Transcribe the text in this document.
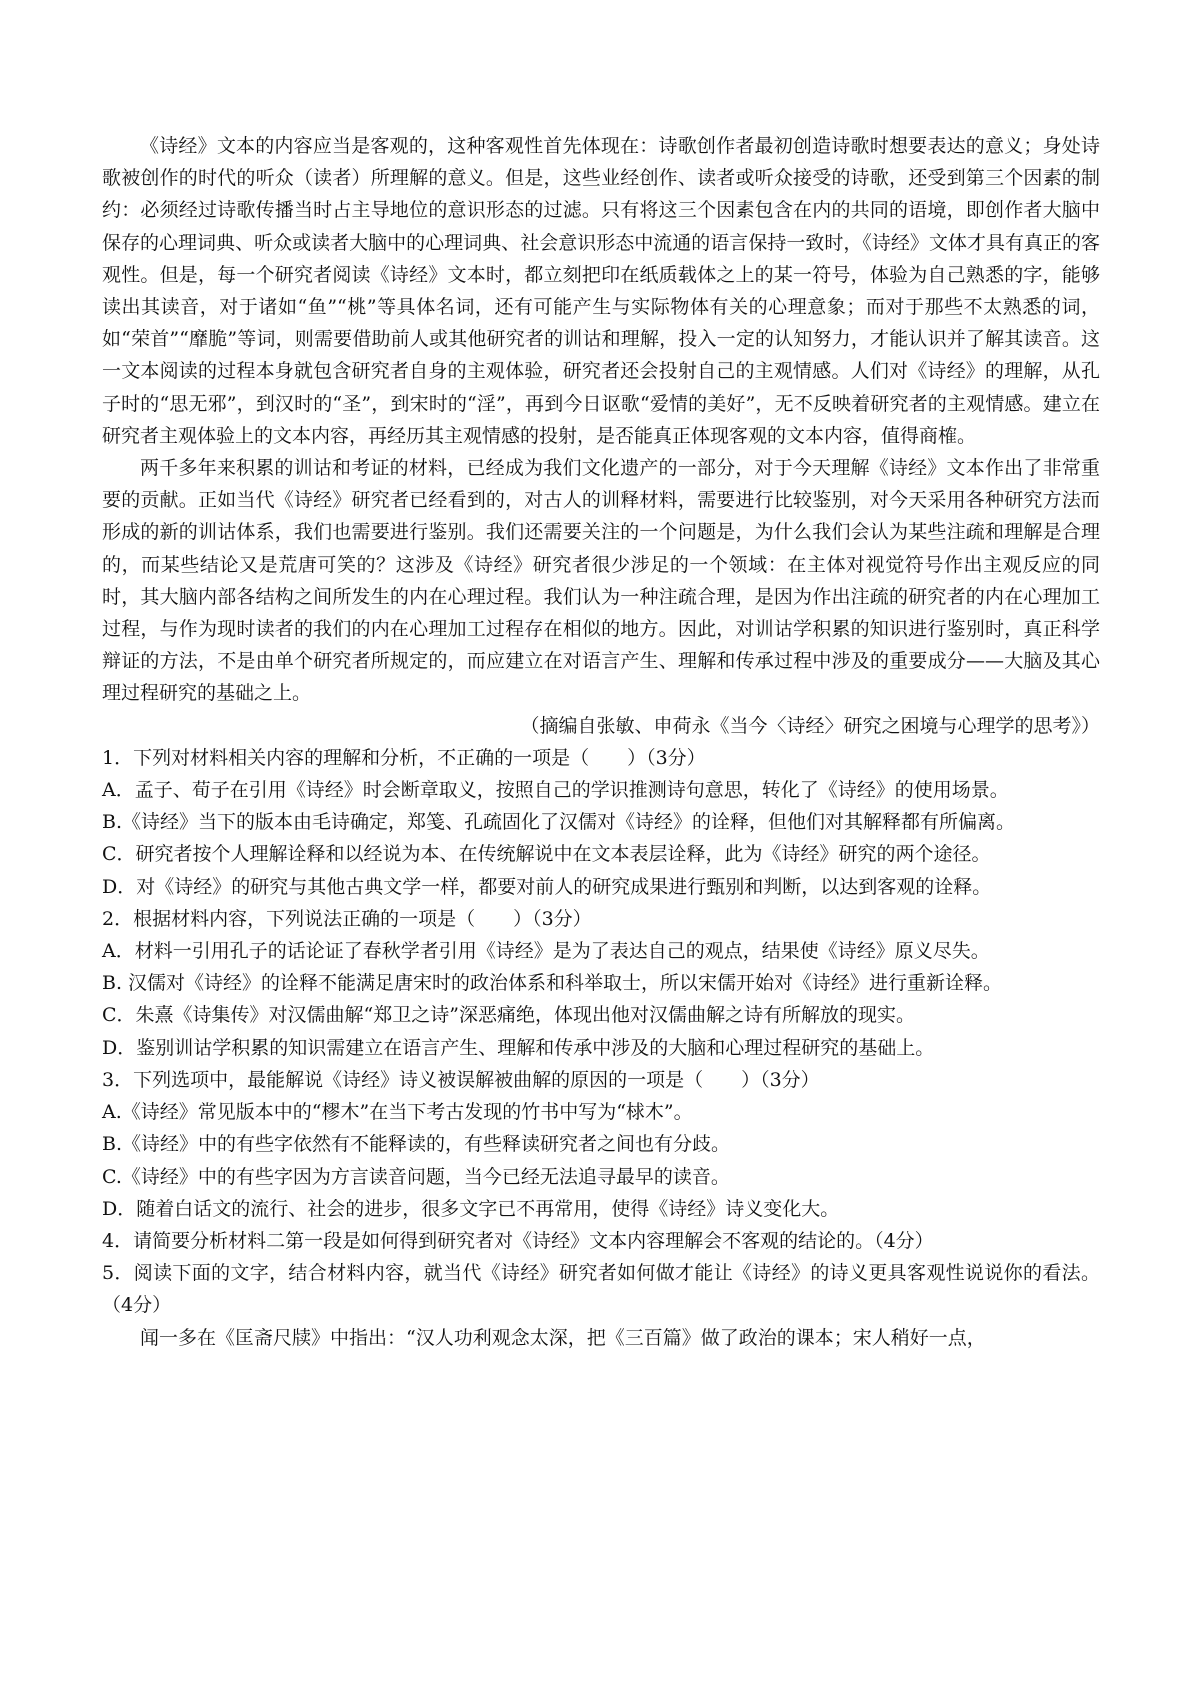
《诗经》文本的内容应当是客观的，这种客观性首先体现在：诗歌创作者最初创造诗歌时想要表达的意义；身处诗歌被创作的时代的听众（读者）所理解的意义。但是，这些业经创作、读者或听众接受的诗歌，还受到第三个因素的制约：必须经过诗歌传播当时占主导地位的意识形态的过滤。只有将这三个因素包含在内的共同的语境，即创作者大脑中保存的心理词典、听众或读者大脑中的心理词典、社会意识形态中流通的语言保持一致时，《诗经》文体才具有真正的客观性。但是，每一个研究者阅读《诗经》文本时，都立刻把印在纸质载体之上的某一符号，体验为自己熟悉的字，能够读出其读音，对于诸如“鱼”“桃”等具体名词，还有可能产生与实际物体有关的心理意象；而对于那些不太熟悉的词，如“荣首”“靡脆”等词，则需要借助前人或其他研究者的训诂和理解，投入一定的认知努力，才能认识并了解其读音。这一文本阅读的过程本身就包含研究者自身的主观体验，研究者还会投射自己的主观情感。人们对《诗经》的理解，从孔子时的“思无邪”，到汉时的“圣”，到宋时的“淫”，再到今日讴歌“爱情的美好”，无不反映着研究者的主观情感。建立在研究者主观体验上的文本内容，再经历其主观情感的投射，是否能真正体现客观的文本内容，值得商榷。

两千多年来积累的训诂和考证的材料，已经成为我们文化遗产的一部分，对于今天理解《诗经》文本作出了非常重要的贡献。正如当代《诗经》研究者已经看到的，对古人的训释材料，需要进行比较鉴别，对今天采用各种研究方法而形成的新的训诂体系，我们也需要进行鉴别。我们还需要关注的一个问题是，为什么我们会认为某些注疏和理解是合理的，而某些结论又是荒唐可笑的？这涉及《诗经》研究者很少涉足的一个领域：在主体对视觉符号作出主观反应的同时，其大脑内部各结构之间所发生的内在心理过程。我们认为一种注疏合理，是因为作出注疏的研究者的内在心理加工过程，与作为现时读者的我们的内在心理加工过程存在相似的地方。因此，对训诂学积累的知识进行鉴别时，真正科学辩证的方法，不是由单个研究者所规定的，而应建立在对语言产生、理解和传承过程中涉及的重要成分——大脑及其心理过程研究的基础之上。

（摘编自张敏、申荷永《当今〈诗经〉研究之困境与心理学的思考》）

1．下列对材料相关内容的理解和分析，不正确的一项是（　　）（3分）

A．孟子、荀子在引用《诗经》时会断章取义，按照自己的学识推测诗句意思，转化了《诗经》的使用场景。

B.《诗经》当下的版本由毛诗确定，郑笺、孔疏固化了汉儒对《诗经》的诠释，但他们对其解释都有所偏离。

C．研究者按个人理解诠释和以经说为本、在传统解说中在文本表层诠释，此为《诗经》研究的两个途径。

D．对《诗经》的研究与其他古典文学一样，都要对前人的研究成果进行甄别和判断，以达到客观的诠释。

2．根据材料内容，下列说法正确的一项是（　　）（3分）

A．材料一引用孔子的话论证了春秋学者引用《诗经》是为了表达自己的观点，结果使《诗经》原义尽失。

B. 汉儒对《诗经》的诠释不能满足唐宋时的政治体系和科举取士，所以宋儒开始对《诗经》进行重新诠释。

C．朱熹《诗集传》对汉儒曲解“郑卫之诗”深恶痛绝，体现出他对汉儒曲解之诗有所解放的现实。

D．鉴别训诂学积累的知识需建立在语言产生、理解和传承中涉及的大脑和心理过程研究的基础上。

3．下列选项中，最能解说《诗经》诗义被误解被曲解的原因的一项是（　　）（3分）

A.《诗经》常见版本中的“樛木”在当下考古发现的竹书中写为“梂木”。

B.《诗经》中的有些字依然有不能释读的，有些释读研究者之间也有分歧。

C.《诗经》中的有些字因为方言读音问题，当今已经无法追寻最早的读音。

D．随着白话文的流行、社会的进步，很多文字已不再常用，使得《诗经》诗义变化大。

4．请简要分析材料二第一段是如何得到研究者对《诗经》文本内容理解会不客观的结论的。（4分）

5．阅读下面的文字，结合材料内容，就当代《诗经》研究者如何做才能让《诗经》的诗义更具客观性说说你的看法。（4分）

闻一多在《匡斋尺牍》中指出：“汉人功利观念太深，把《三百篇》做了政治的课本；宋人稍好一点，
